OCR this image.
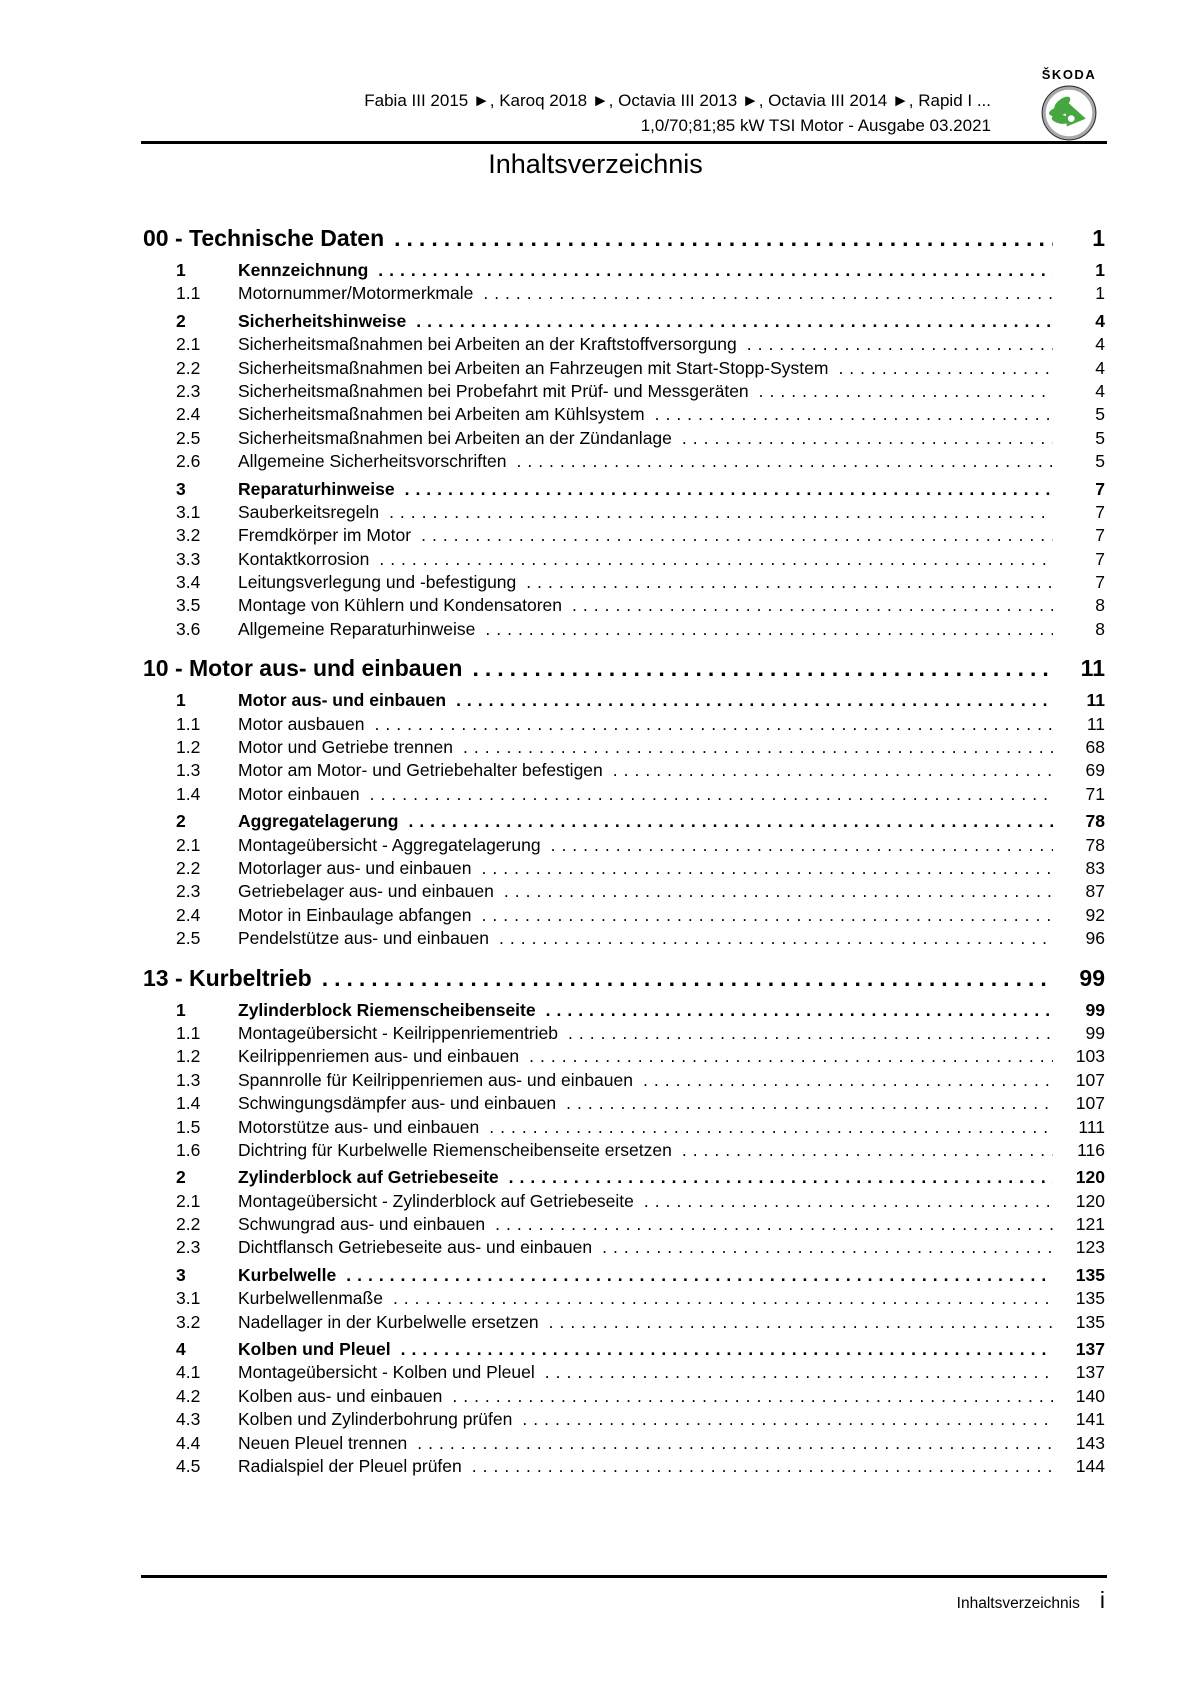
Fabia III 2015 ►, Karoq 2018 ►, Octavia III 2013 ►, Octavia III 2014 ►, Rapid I ...
1,0/70;81;85 kW TSI Motor - Ausgabe 03.2021
ŠKODA
Inhaltsverzeichnis
00 - Technische Daten .....	1
1	Kennzeichnung .....	1
1.1	Motornummer/Motormerkmale .....	1
2	Sicherheitshinweise .....	4
2.1	Sicherheitsmaßnahmen bei Arbeiten an der Kraftstoffversorgung .....	4
2.2	Sicherheitsmaßnahmen bei Arbeiten an Fahrzeugen mit Start-Stopp-System .....	4
2.3	Sicherheitsmaßnahmen bei Probefahrt mit Prüf- und Messgeräten .....	4
2.4	Sicherheitsmaßnahmen bei Arbeiten am Kühlsystem .....	5
2.5	Sicherheitsmaßnahmen bei Arbeiten an der Zündanlage .....	5
2.6	Allgemeine Sicherheitsvorschriften .....	5
3	Reparaturhinweise .....	7
3.1	Sauberkeitsregeln .....	7
3.2	Fremdkörper im Motor .....	7
3.3	Kontaktkorrosion .....	7
3.4	Leitungsverlegung und -befestigung .....	7
3.5	Montage von Kühlern und Kondensatoren .....	8
3.6	Allgemeine Reparaturhinweise .....	8
10 - Motor aus- und einbauen .....	11
1	Motor aus- und einbauen .....	11
1.1	Motor ausbauen .....	11
1.2	Motor und Getriebe trennen .....	68
1.3	Motor am Motor- und Getriebehalter befestigen .....	69
1.4	Motor einbauen .....	71
2	Aggregatelagerung .....	78
2.1	Montageübersicht - Aggregatelagerung .....	78
2.2	Motorlager aus- und einbauen .....	83
2.3	Getriebelager aus- und einbauen .....	87
2.4	Motor in Einbaulage abfangen .....	92
2.5	Pendelstütze aus- und einbauen .....	96
13 - Kurbeltrieb .....	99
1	Zylinderblock Riemenscheibenseite .....	99
1.1	Montageübersicht - Keilrippenriementrieb .....	99
1.2	Keilrippenriemen aus- und einbauen .....	103
1.3	Spannrolle für Keilrippenriemen aus- und einbauen .....	107
1.4	Schwingungsdämpfer aus- und einbauen .....	107
1.5	Motorstütze aus- und einbauen .....	111
1.6	Dichtring für Kurbelwelle Riemenscheibenseite ersetzen .....	116
2	Zylinderblock auf Getriebeseite .....	120
2.1	Montageübersicht - Zylinderblock auf Getriebeseite .....	120
2.2	Schwungrad aus- und einbauen .....	121
2.3	Dichtflansch Getriebeseite aus- und einbauen .....	123
3	Kurbelwelle .....	135
3.1	Kurbelwellenmaße .....	135
3.2	Nadellager in der Kurbelwelle ersetzen .....	135
4	Kolben und Pleuel .....	137
4.1	Montageübersicht - Kolben und Pleuel .....	137
4.2	Kolben aus- und einbauen .....	140
4.3	Kolben und Zylinderbohrung prüfen .....	141
4.4	Neuen Pleuel trennen .....	143
4.5	Radialspiel der Pleuel prüfen .....	144
Inhaltsverzeichnis i
